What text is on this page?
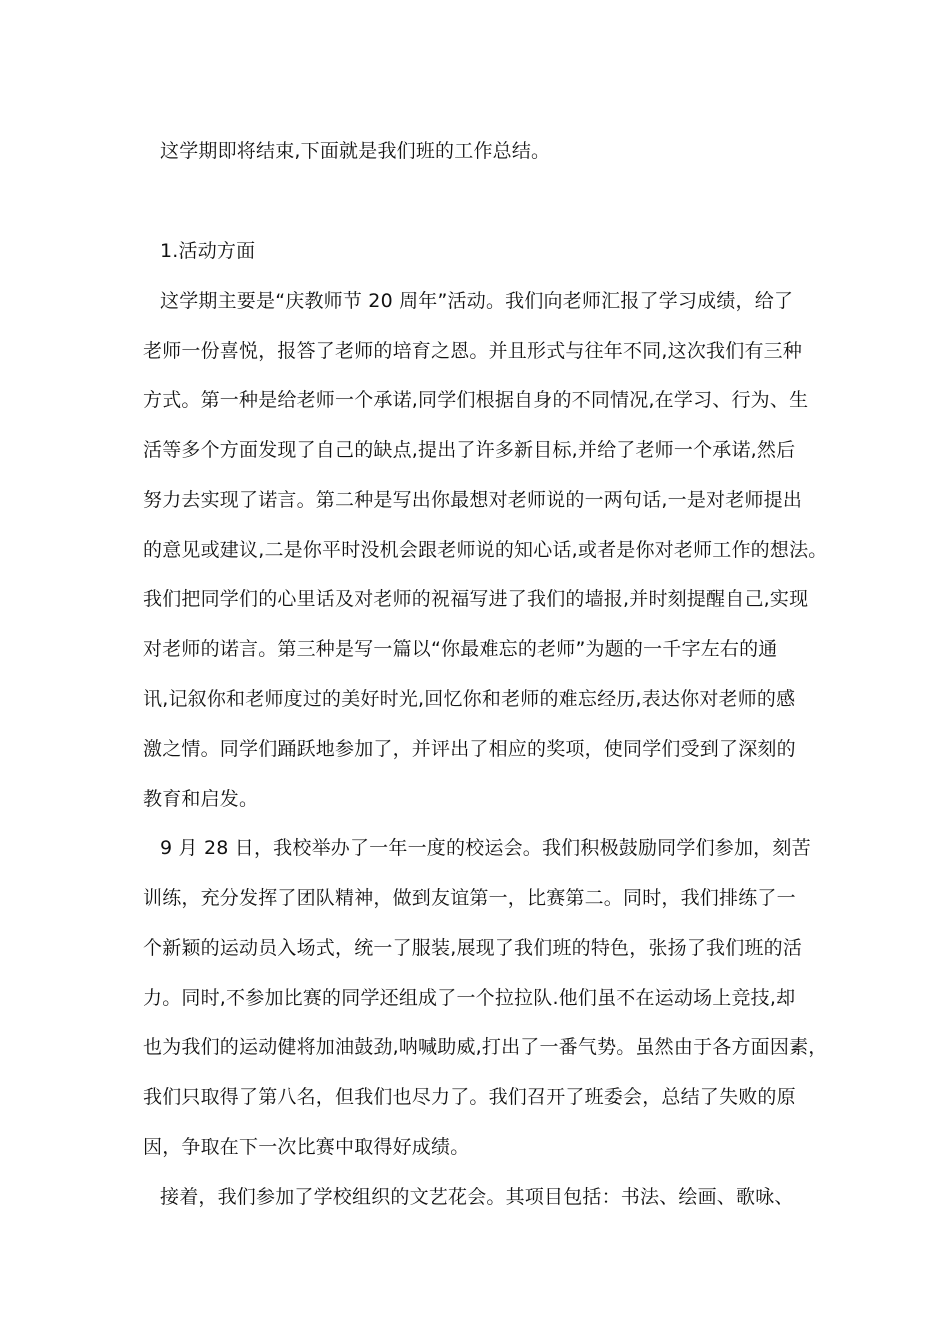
这学期即将结束,下面就是我们班的工作总结。
1.活动方面
这学期主要是“庆教师节 20 周年”活动。我们向老师汇报了学习成绩，给了
老师一份喜悦，报答了老师的培育之恩。并且形式与往年不同,这次我们有三种
方式。第一种是给老师一个承诺,同学们根据自身的不同情况,在学习、行为、生
活等多个方面发现了自己的缺点,提出了许多新目标,并给了老师一个承诺,然后
努力去实现了诺言。第二种是写出你最想对老师说的一两句话,一是对老师提出
的意见或建议,二是你平时没机会跟老师说的知心话,或者是你对老师工作的想法。
我们把同学们的心里话及对老师的祝福写进了我们的墙报,并时刻提醒自己,实现
对老师的诺言。第三种是写一篇以“你最难忘的老师”为题的一千字左右的通
讯,记叙你和老师度过的美好时光,回忆你和老师的难忘经历,表达你对老师的感
激之情。同学们踊跃地参加了，并评出了相应的奖项，使同学们受到了深刻的
教育和启发。
9 月 28 日，我校举办了一年一度的校运会。我们积极鼓励同学们参加，刻苦
训练，充分发挥了团队精神，做到友谊第一，比赛第二。同时，我们排练了一
个新颖的运动员入场式，统一了服装,展现了我们班的特色，张扬了我们班的活
力。同时,不参加比赛的同学还组成了一个拉拉队.他们虽不在运动场上竞技,却
也为我们的运动健将加油鼓劲,呐喊助威,打出了一番气势。虽然由于各方面因素，
我们只取得了第八名，但我们也尽力了。我们召开了班委会，总结了失败的原
因，争取在下一次比赛中取得好成绩。
接着，我们参加了学校组织的文艺花会。其项目包括：书法、绘画、歌咏、
